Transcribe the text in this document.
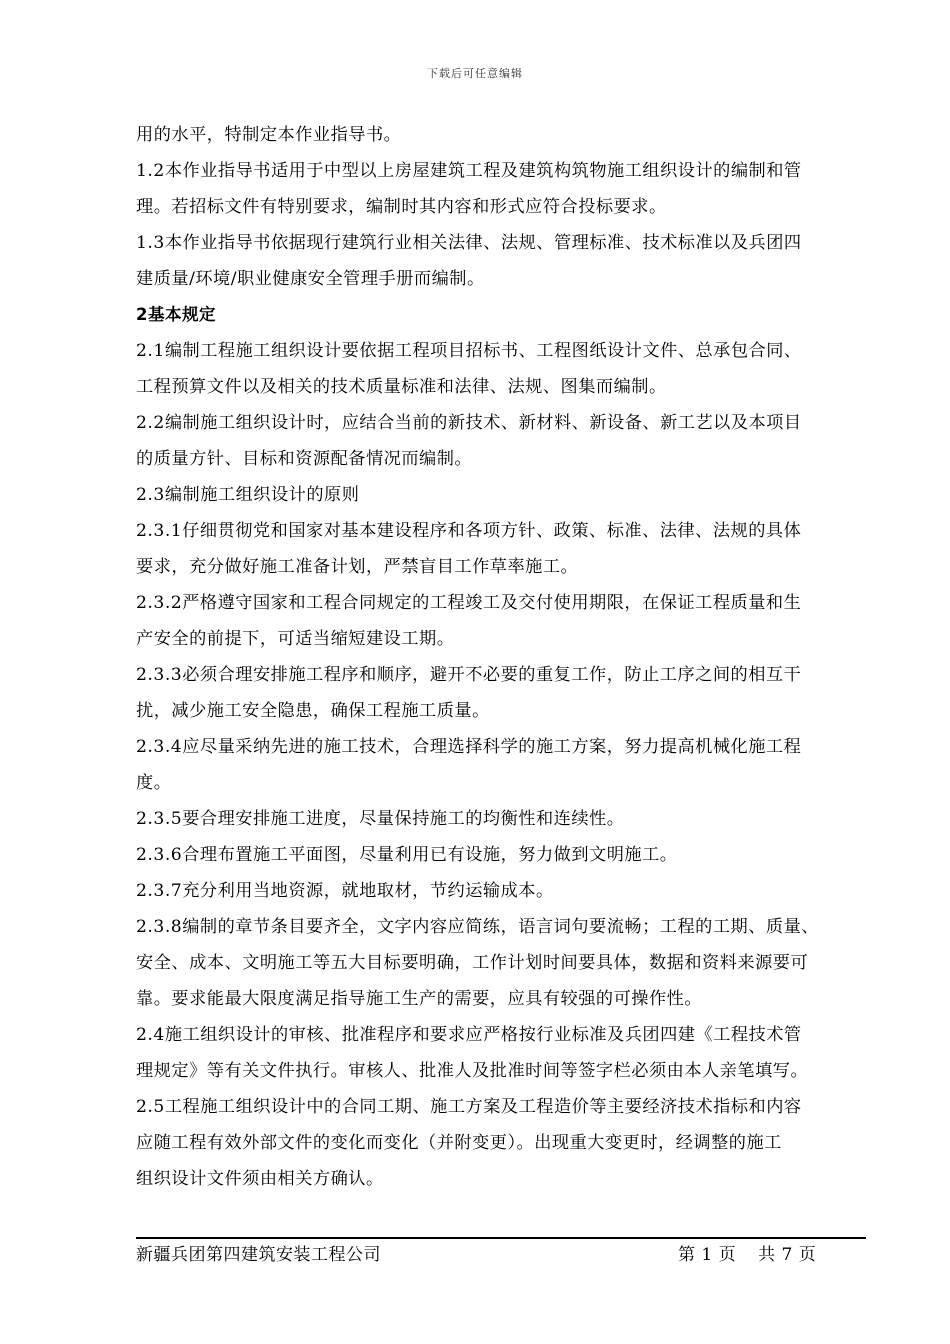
下载后可任意编辑
用的水平，特制定本作业指导书。
1.2本作业指导书适用于中型以上房屋建筑工程及建筑构筑物施工组织设计的编制和管
理。若招标文件有特别要求，编制时其内容和形式应符合投标要求。
1.3本作业指导书依据现行建筑行业相关法律、法规、管理标准、技术标准以及兵团四
建质量/环境/职业健康安全管理手册而编制。
2基本规定
2.1编制工程施工组织设计要依据工程项目招标书、工程图纸设计文件、总承包合同、
工程预算文件以及相关的技术质量标准和法律、法规、图集而编制。
2.2编制施工组织设计时，应结合当前的新技术、新材料、新设备、新工艺以及本项目
的质量方针、目标和资源配备情况而编制。
2.3编制施工组织设计的原则
2.3.1仔细贯彻党和国家对基本建设程序和各项方针、政策、标准、法律、法规的具体
要求，充分做好施工准备计划，严禁盲目工作草率施工。
2.3.2严格遵守国家和工程合同规定的工程竣工及交付使用期限，在保证工程质量和生
产安全的前提下，可适当缩短建设工期。
2.3.3必须合理安排施工程序和顺序，避开不必要的重复工作，防止工序之间的相互干
扰，减少施工安全隐患，确保工程施工质量。
2.3.4应尽量采纳先进的施工技术，合理选择科学的施工方案，努力提高机械化施工程
度。
2.3.5要合理安排施工进度，尽量保持施工的均衡性和连续性。
2.3.6合理布置施工平面图，尽量利用已有设施，努力做到文明施工。
2.3.7充分利用当地资源，就地取材，节约运输成本。
2.3.8编制的章节条目要齐全，文字内容应简练，语言词句要流畅；工程的工期、质量、
安全、成本、文明施工等五大目标要明确，工作计划时间要具体，数据和资料来源要可
靠。要求能最大限度满足指导施工生产的需要，应具有较强的可操作性。
2.4施工组织设计的审核、批准程序和要求应严格按行业标准及兵团四建《工程技术管
理规定》等有关文件执行。审核人、批准人及批准时间等签字栏必须由本人亲笔填写。
2.5工程施工组织设计中的合同工期、施工方案及工程造价等主要经济技术指标和内容
应随工程有效外部文件的变化而变化（并附变更）。出现重大变更时，经调整的施工
组织设计文件须由相关方确认。
新疆兵团第四建筑安装工程公司	第 1 页 共 7 页
